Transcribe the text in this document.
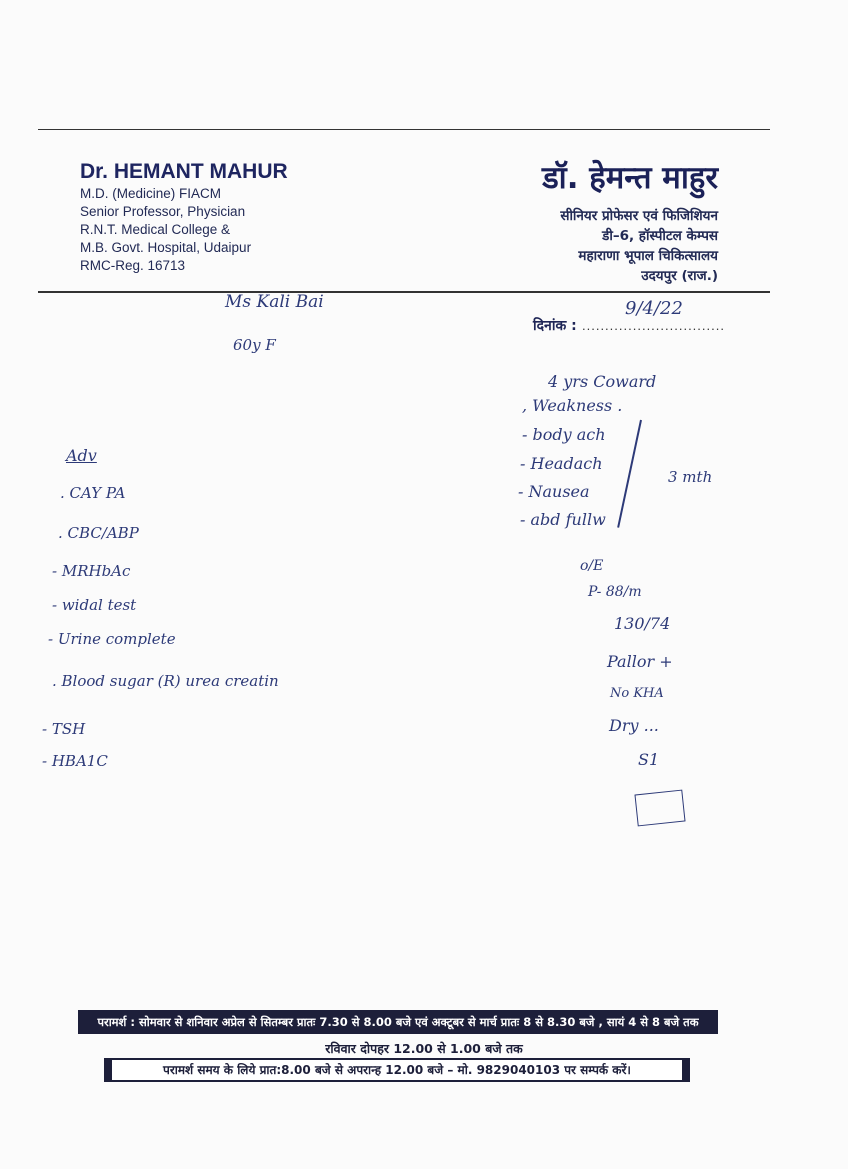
Dr. HEMANT MAHUR
M.D. (Medicine) FIACM
Senior Professor, Physician
R.N.T. Medical College &
M.B. Govt. Hospital, Udaipur
RMC-Reg. 16713
डॉ. हेमन्त माहुर
सीनियर प्रोफेसर एवं फिजिशियन
डी–6, हॉस्पीटल केम्पस
महाराणा भूपाल चिकित्सालय
उदयपुर (राज.)
दिनांक : ...............................
9/4/22
Ms Kali Bai
60y F
4 yrs Coward
, Weakness .
- body ach
- Headach
- Nausea
- abd fullw
3 mth
o/E
P- 88/m
130/74
Pallor +
No KHA
Dry ...
S1
Adv
. CAY PA
. CBC/ABP
- MRHbAc
- widal test
- Urine complete
. Blood sugar (R) urea creatin
- TSH
- HBA1C
परामर्श : सोमवार से शनिवार अप्रेल से सितम्बर प्रातः 7.30 से 8.00 बजे एवं अक्टूबर से मार्च प्रातः 8 से 8.30 बजे , सायं 4 से 8 बजे तक
रविवार दोपहर 12.00 से 1.00 बजे तक
परामर्श समय के लिये प्रात:8.00 बजे से अपरान्ह 12.00 बजे – मो. 9829040103 पर सम्पर्क करें।
